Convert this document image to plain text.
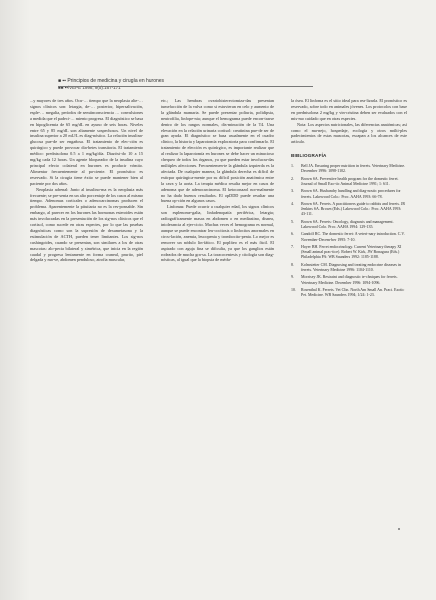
■ ▪▪ Principios de medicina y cirugía en hurones
■■ ▪▪/VEPE 1998; 9(5):167-171

...y mayores de tres años. Ocu-… tiempo que la neoplasia alte-… signos clínicos son: letargia, de-… posterior, hipersalivación, esple-… megalia, períodos de semiinconsciencia … convulsiones a medida que el padeci-… miento progresa. El diagnóstico se basa en hipoglicemia de 65 mg/dL en ayuno de seis horas. Niveles entre 65 y 85 mg/dL son altamente sospechosos. Un nivel de insulina superior a 20 mU/L es diag-nóstico. La relación insulina-glucosa pue-de ser engañosa. El tratamiento de elec-ción es quirúrgico y puede provocar dia-betes transitoria. El tratamiento médico: prednisolona 0.5 a 1 mg/kg/día. Diazóxi-do 10 a 15 mg/kg cada 12 horas. Un agente bloqueador de la insulina cuyo principal efecto colateral en hurones es producir vómito. Alimentar frecuentemente al pa-ciente. El pronóstico es reservado. Si la cirugía tiene éxito se puede mantener bien al paciente por dos años.

Neoplasia adrenal: Junto al insulino-ma es la neoplasia más frecuente; se pre-senta en un alto porcentaje de los casos al mismo tiempo. Adenomas corticales o adenocarcinomas producen el problema. Aparentemente la pituitaria no es la res-ponsable. Sin embargo, al parecer en los hurones las hormonas esteroides están más involucradas en la presentación de los sig-nos clínicos que el cortisol, como sucede en otras especies, por lo que las pruebas diagnósticas como son la supresión de dexametasona y la estimulación de ACTH, pueden tener limitantes. Los sig-nos cushingoides, cuando se presentan, son similares a los de otras mascotas: alo-pecia bilateral y simétrica, que inicia en la región caudal y progresa lentamente en forma craneal, prurito, piel delgada y ma-ve, abdomen penduloso, atrofia muscular,

etc.; Las hembras ovariohisterectomiza-das presentan tumefacción de la vulva como si estuvieran en celo y aumento de la glándula mamaria. Se puede presentar poliuria, polidipsia, neutrofilia, linfope-nia; aunque el hemograma puede encon-trarse dentro de los rangos normales, dis-minución de la T4. Una elevación en la relación urinaria cortisol: creatinina pue-de ser de gran ayuda. El diagnóstico se basa usualmente en el cuadro clínico, la historia y laparotomía exploratoria para confirmarlo. El tratamiento de elección es quirúrgico, es importante realizar que al realizar la laparotomía en hurones se debe hacer un minucioso chequeo de todos los órganos, ya que pueden estar involucra-das múltiples afecciones. Frecuentemen-te la glándula izquierda es la afectada. De cualquier manera, la glándula derecha es difícil de extirpar quirúrgica-mente por su difícil posición anatómica entre la cava y la aorta. La terapia médica resulta mejor en casos de adenoma que de adenocarcinoma. El ketoconazol nor-malmente no ha dado buenos resultados. El opDDD puede resultar una buena op-ción en algunos casos.

Linfomas: Puede ocurrir a cualquier edad, los signos clínicos son esplenome-galia, linfadenopatía periférica, letargia; radiográficamente masas en abdomen o en mediastino, disnea, intolerancia al ejer-cicio. Muchas veces el hemograma es normal, aunque se puede encontrar leu-cocitosis o linfocitos anormales en circu-lación, anemia, leucopenia y trombocito-penia. Lo mejor es remover un nódulo lin-fático. El poplíteo es el más fácil. El aspirado con aguja fina se dificulta, ya que los ganglios están rodeados de mucha gra-sa. La toracocentesis y citología son diag-nósticas, al igual que la biopsia de médu-

la ósea. El linfoma es el sitio ideal para rea-lizarla. El pronóstico es reservado, sobre todo en animales jóvenes. Los protocolos con base en prednisolona 2 mg/kg y vin-cristina deben ser evaluados con el mis-mo cuidado que en otras especies.

Nota: Los aspectos nutricionales, las diferencias anatómicas; así como el ma-nejo, hospedaje, ecología y otros múlti-ples padecimientos de estas mascotas, escapan a los alcances de este artículo.

BIBLIOGRAFÍA
1. Bell JA. Ensuring proper nutrition in ferrets. Veterinary Medicine. December 1996: 1098-1102.
2. Brown SA. Preventive health program for the domestic ferret. Journal of Small Exo-tic Animal Medicine 1991; 1: 611.
3. Brown SA. Husbandry handling and diag-nostic procedures for ferrets. Lakewood Colo.: Proc. AAHA 1993: 66-78.
4. Brown SA. Ferrets. A practitioners guide to rabbits and ferrets. JR Jenkins SA. Brown (Eds.) Lakewood Colo.: Proc. AAHA 1993: 43-111.
5. Brown SA. Ferrets: Oncology, diagnosis and management. Lakewood Colo. Proc. AAHA 1994: 129-135.
6. Gandolf RC. The domestic ferret: A veteri-nary introduction. C.V. November-Decem-ber 1995: 7-10.
7. Hoyer BH. Ferret endocrinology. Current Veterinary therapy XI (Small animal prac-tice). Robert W. Kirk, JW Bonagura (Eds.) Philadelphia PA: WB Saunders 1992: 1185-1188.
8. Kolmstetter CM. Diagnosing and treating endocrine diseases in ferrets. Veterinary Medicine 1996: 1104-1110.
9. Morrisey JK. Restraint and diagnostic te-chniques for ferrets. Veterinary Medicine. December 1996: 1094-1096.
10. Rosenthal K. Ferrets. Vet Clin. North Am Small An. Pract. Exotic Pet. Medicine. WB Saunders 1994; 1/24: 1-23.
